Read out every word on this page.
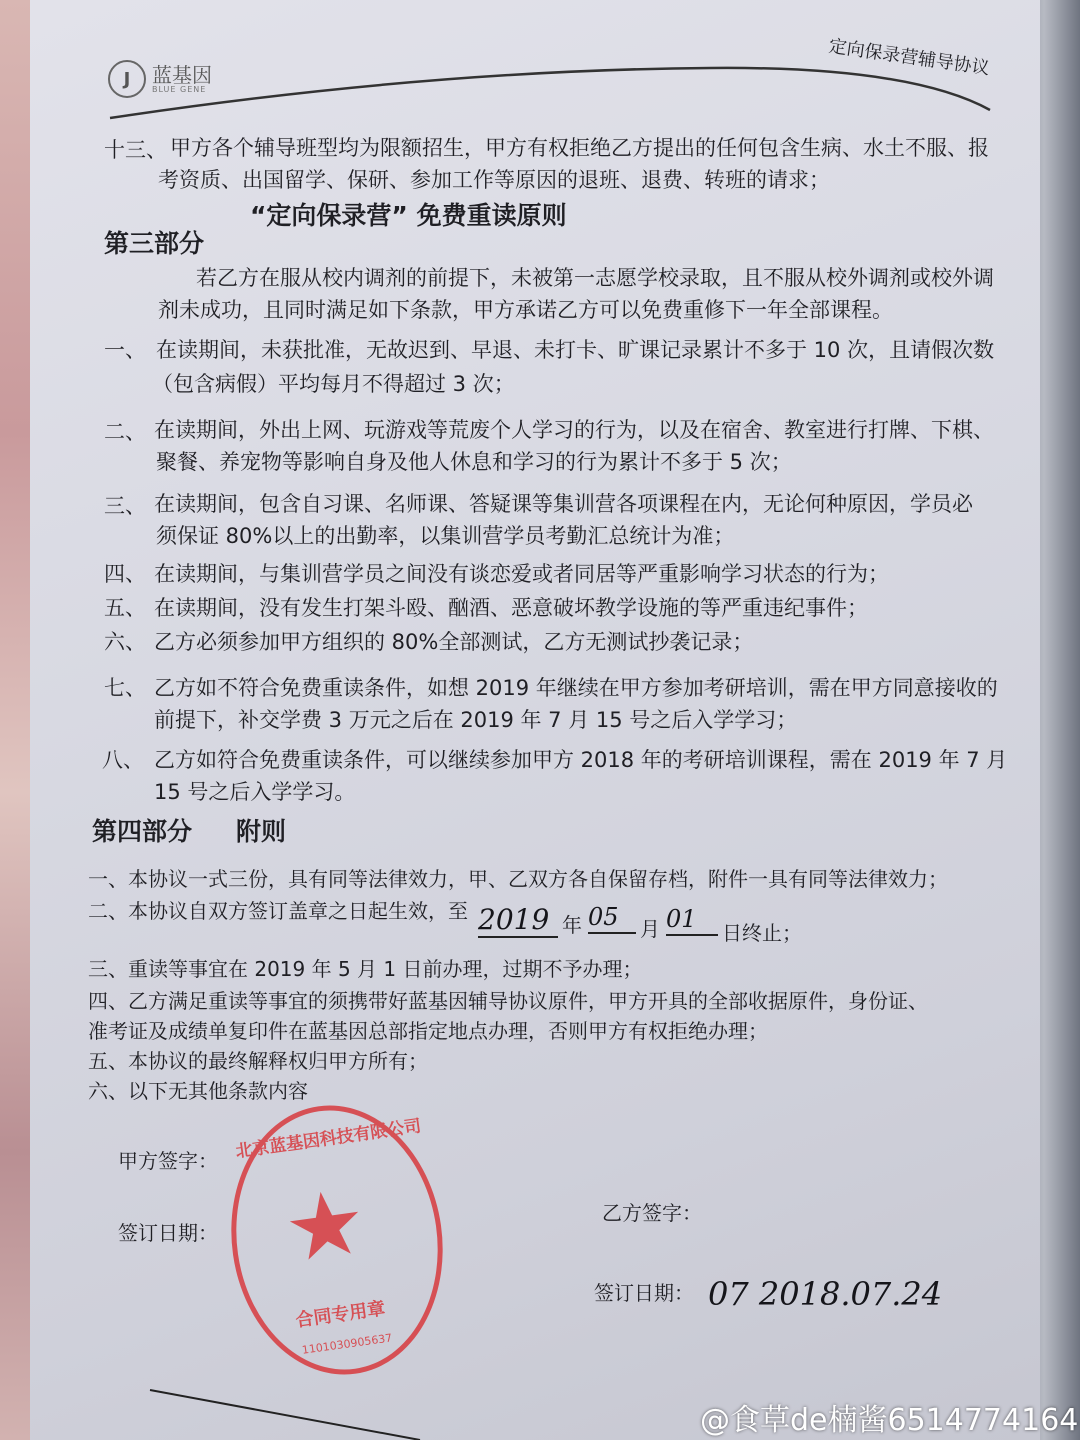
J	蓝基因
BLUE GENE
定向保录营辅导协议
十三、 甲方各个辅导班型均为限额招生，甲方有权拒绝乙方提出的任何包含生病、水土不服、报
考资质、出国留学、保研、参加工作等原因的退班、退费、转班的请求；
第三部分
“定向保录营” 免费重读原则
若乙方在服从校内调剂的前提下，未被第一志愿学校录取，且不服从校外调剂或校外调
剂未成功，且同时满足如下条款，甲方承诺乙方可以免费重修下一年全部课程。
一、 在读期间，未获批准，无故迟到、早退、未打卡、旷课记录累计不多于 10 次，且请假次数
（包含病假）平均每月不得超过 3 次；
二、 在读期间，外出上网、玩游戏等荒废个人学习的行为，以及在宿舍、教室进行打牌、下棋、
聚餐、养宠物等影响自身及他人休息和学习的行为累计不多于 5 次；
三、 在读期间，包含自习课、名师课、答疑课等集训营各项课程在内，无论何种原因，学员必
须保证 80%以上的出勤率，以集训营学员考勤汇总统计为准；
四、 在读期间，与集训营学员之间没有谈恋爱或者同居等严重影响学习状态的行为；
五、 在读期间，没有发生打架斗殴、酗酒、恶意破坏教学设施的等严重违纪事件；
六、 乙方必须参加甲方组织的 80%全部测试，乙方无测试抄袭记录；
七、 乙方如不符合免费重读条件，如想 2019 年继续在甲方参加考研培训，需在甲方同意接收的
前提下，补交学费 3 万元之后在 2019 年 7 月 15 号之后入学学习；
八、 乙方如符合免费重读条件，可以继续参加甲方 2018 年的考研培训课程，需在 2019 年 7 月
15 号之后入学学习。
第四部分 附则
一、本协议一式三份，具有同等法律效力，甲、乙双方各自保留存档，附件一具有同等法律效力；
二、本协议自双方签订盖章之日起生效，至 2019 年 05	月 01	日终止；
三、重读等事宜在 2019 年 5 月 1 日前办理，过期不予办理；
四、乙方满足重读等事宜的须携带好蓝基因辅导协议原件，甲方开具的全部收据原件，身份证、
准考证及成绩单复印件在蓝基因总部指定地点办理，否则甲方有权拒绝办理；
五、本协议的最终解释权归甲方所有；
六、以下无其他条款内容
甲方签字：
签订日期：
乙方签字：
签订日期： 07 2018.07.24
★
北京蓝基因科技有限公司
合同专用章
1101030905637
@食草de楠酱6514774164
